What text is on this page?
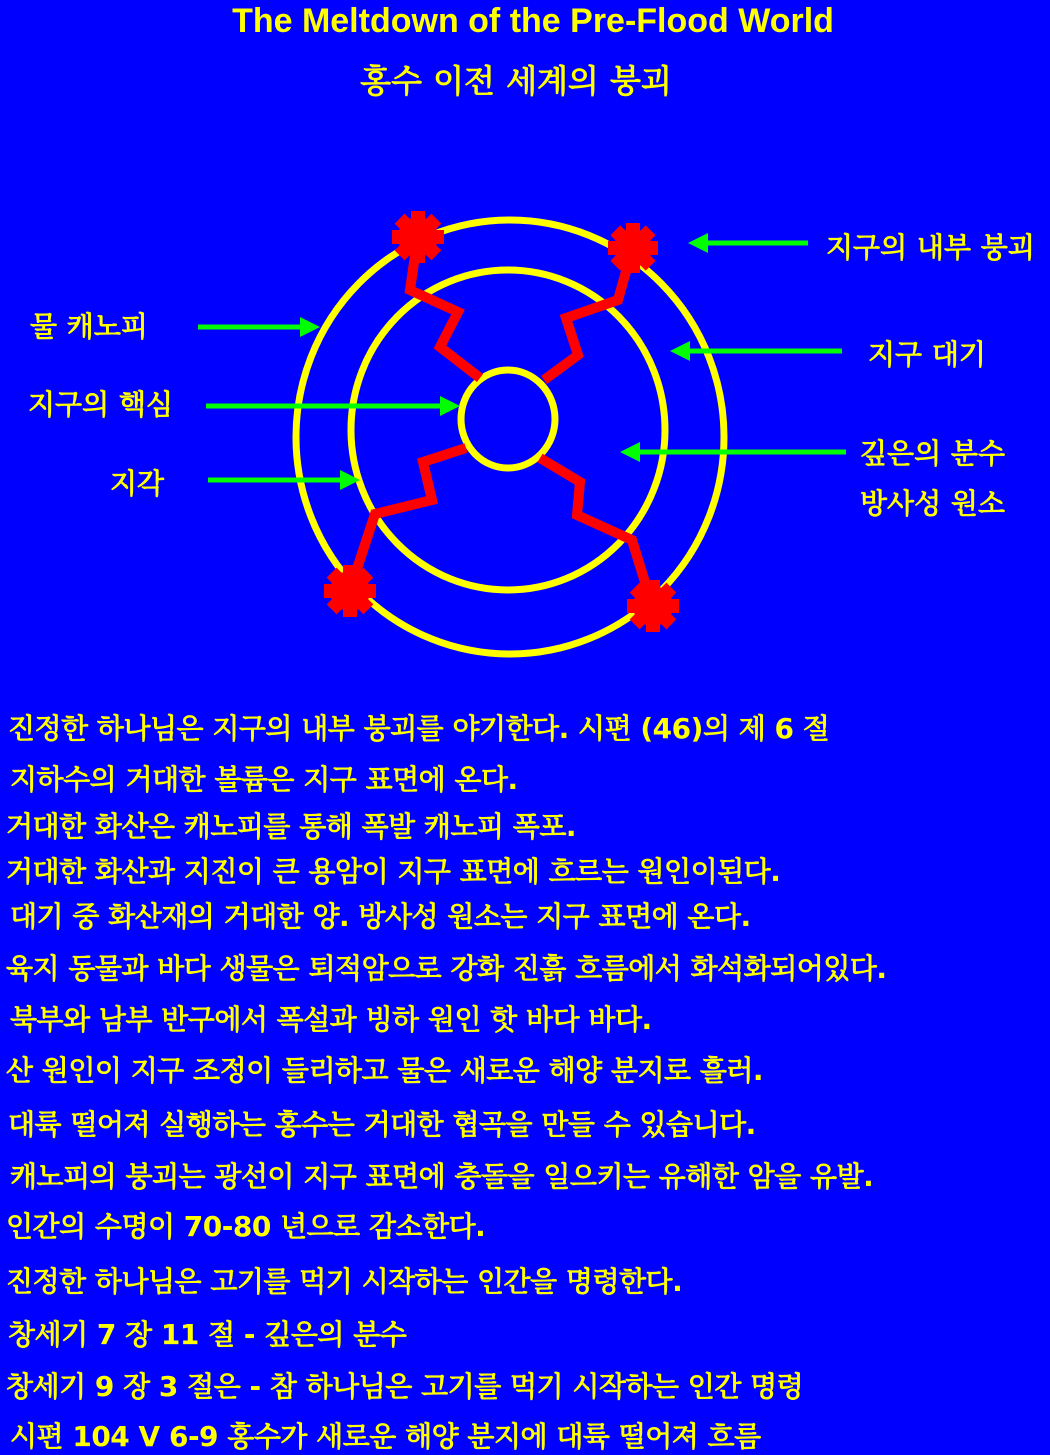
The Meltdown of the Pre-Flood World
홍수 이전 세계의 붕괴
지구의 내부 붕괴
물 캐노피
지구 대기
지구의 핵심
깊은의 분수
지각
방사성 원소
진정한 하나님은 지구의 내부 붕괴를 야기한다. 시편 (46)의 제 6 절
지하수의 거대한 볼륨은 지구 표면에 온다.
거대한 화산은 캐노피를 통해 폭발 캐노피 폭포.
거대한 화산과 지진이 큰 용암이 지구 표면에 흐르는 원인이된다.
대기 중 화산재의 거대한 양. 방사성 원소는 지구 표면에 온다.
육지 동물과 바다 생물은 퇴적암으로 강화 진흙 흐름에서 화석화되어있다.
북부와 남부 반구에서 폭설과 빙하 원인 핫 바다 바다.
산 원인이 지구 조정이 들리하고 물은 새로운 해양 분지로 흘러.
대륙 떨어져 실행하는 홍수는 거대한 협곡을 만들 수 있습니다.
캐노피의 붕괴는 광선이 지구 표면에 충돌을 일으키는 유해한 암을 유발.
인간의 수명이 70-80 년으로 감소한다.
진정한 하나님은 고기를 먹기 시작하는 인간을 명령한다.
창세기 7 장 11 절 - 깊은의 분수
창세기 9 장 3 절은 - 참 하나님은 고기를 먹기 시작하는 인간 명령
시편 104 V 6-9 홍수가 새로운 해양 분지에 대륙 떨어져 흐름
